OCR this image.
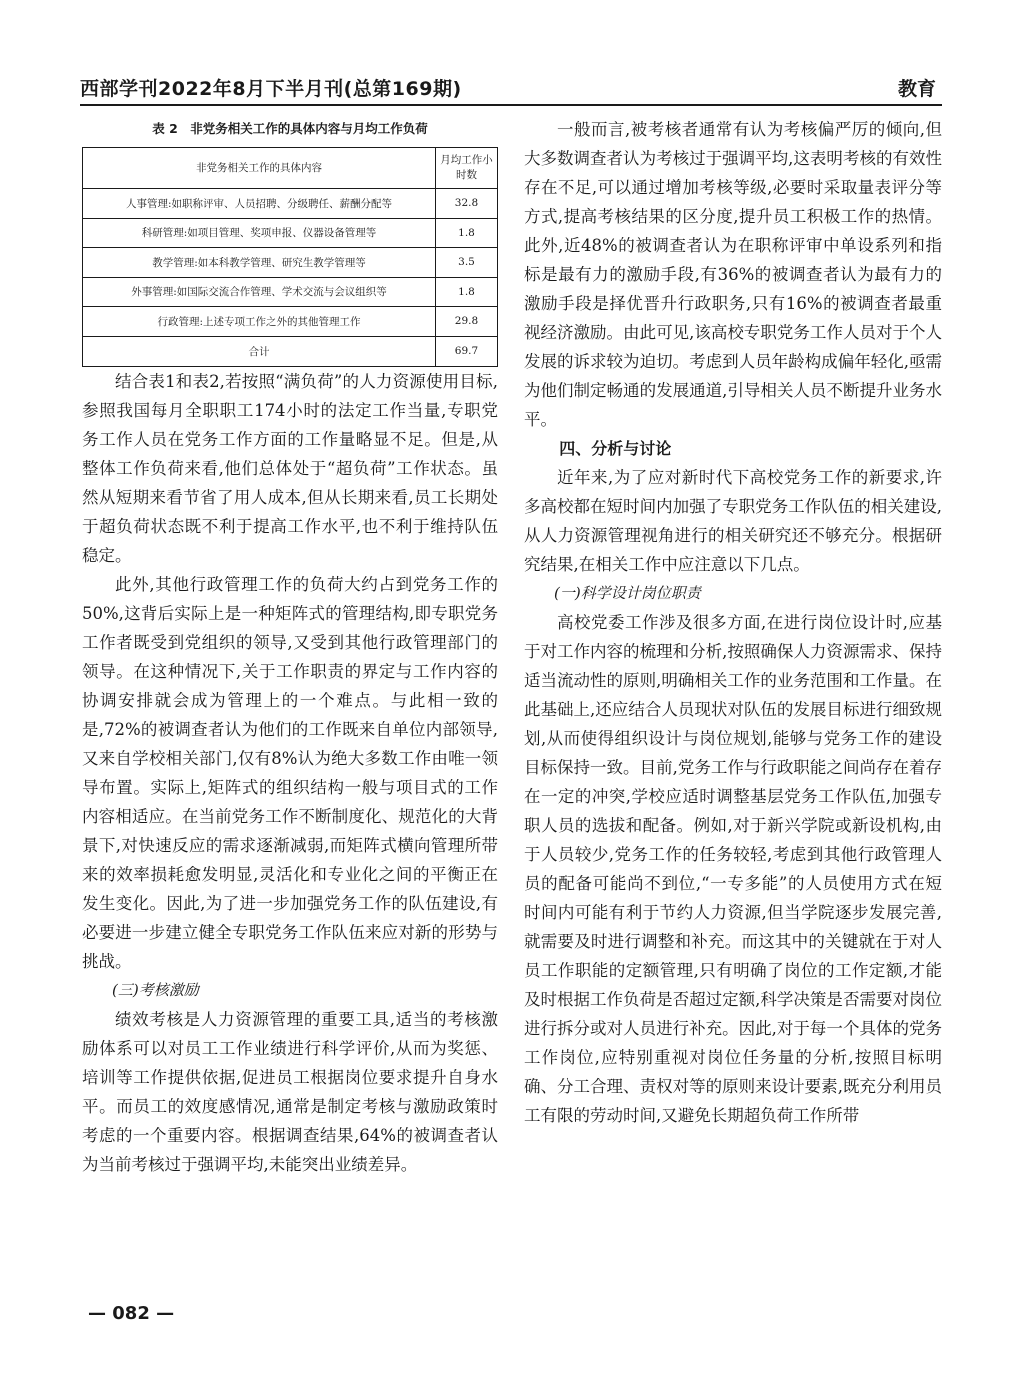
西部学刊2022年8月下半月刊(总第169期)	教育
表 2　非党务相关工作的具体内容与月均工作负荷
非党务相关工作的具体内容	月均工作小时数
人事管理:如职称评审、人员招聘、分级聘任、薪酬分配等	32.8
科研管理:如项目管理、奖项申报、仪器设备管理等	1.8
教学管理:如本科教学管理、研究生教学管理等	3.5
外事管理:如国际交流合作管理、学术交流与会议组织等	1.8
行政管理:上述专项工作之外的其他管理工作	29.8
合计	69.7

结合表1和表2,若按照“满负荷”的人力资源使用目标,参照我国每月全职职工174小时的法定工作当量,专职党务工作人员在党务工作方面的工作量略显不足。但是,从整体工作负荷来看,他们总体处于“超负荷”工作状态。虽然从短期来看节省了用人成本,但从长期来看,员工长期处于超负荷状态既不利于提高工作水平,也不利于维持队伍稳定。

此外,其他行政管理工作的负荷大约占到党务工作的50%,这背后实际上是一种矩阵式的管理结构,即专职党务工作者既受到党组织的领导,又受到其他行政管理部门的领导。在这种情况下,关于工作职责的界定与工作内容的协调安排就会成为管理上的一个难点。与此相一致的是,72%的被调查者认为他们的工作既来自单位内部领导,又来自学校相关部门,仅有8%认为绝大多数工作由唯一领导布置。实际上,矩阵式的组织结构一般与项目式的工作内容相适应。在当前党务工作不断制度化、规范化的大背景下,对快速反应的需求逐渐减弱,而矩阵式横向管理所带来的效率损耗愈发明显,灵活化和专业化之间的平衡正在发生变化。因此,为了进一步加强党务工作的队伍建设,有必要进一步建立健全专职党务工作队伍来应对新的形势与挑战。

(三)考核激励

绩效考核是人力资源管理的重要工具,适当的考核激励体系可以对员工工作业绩进行科学评价,从而为奖惩、培训等工作提供依据,促进员工根据岗位要求提升自身水平。而员工的效度感情况,通常是制定考核与激励政策时考虑的一个重要内容。根据调查结果,64%的被调查者认为当前考核过于强调平均,未能突出业绩差异。

一般而言,被考核者通常有认为考核偏严厉的倾向,但大多数调查者认为考核过于强调平均,这表明考核的有效性存在不足,可以通过增加考核等级,必要时采取量表评分等方式,提高考核结果的区分度,提升员工积极工作的热情。此外,近48%的被调查者认为在职称评审中单设系列和指标是最有力的激励手段,有36%的被调查者认为最有力的激励手段是择优晋升行政职务,只有16%的被调查者最重视经济激励。由此可见,该高校专职党务工作人员对于个人发展的诉求较为迫切。考虑到人员年龄构成偏年轻化,亟需为他们制定畅通的发展通道,引导相关人员不断提升业务水平。

四、分析与讨论

近年来,为了应对新时代下高校党务工作的新要求,许多高校都在短时间内加强了专职党务工作队伍的相关建设,从人力资源管理视角进行的相关研究还不够充分。根据研究结果,在相关工作中应注意以下几点。

(一)科学设计岗位职责

高校党委工作涉及很多方面,在进行岗位设计时,应基于对工作内容的梳理和分析,按照确保人力资源需求、保持适当流动性的原则,明确相关工作的业务范围和工作量。在此基础上,还应结合人员现状对队伍的发展目标进行细致规划,从而使得组织设计与岗位规划,能够与党务工作的建设目标保持一致。目前,党务工作与行政职能之间尚存在着存在一定的冲突,学校应适时调整基层党务工作队伍,加强专职人员的选拔和配备。例如,对于新兴学院或新设机构,由于人员较少,党务工作的任务较轻,考虑到其他行政管理人员的配备可能尚不到位,“一专多能”的人员使用方式在短时间内可能有利于节约人力资源,但当学院逐步发展完善,就需要及时进行调整和补充。而这其中的关键就在于对人员工作职能的定额管理,只有明确了岗位的工作定额,才能及时根据工作负荷是否超过定额,科学决策是否需要对岗位进行拆分或对人员进行补充。因此,对于每一个具体的党务工作岗位,应特别重视对岗位任务量的分析,按照目标明确、分工合理、责权对等的原则来设计要素,既充分利用员工有限的劳动时间,又避免长期超负荷工作所带

— 082 —
